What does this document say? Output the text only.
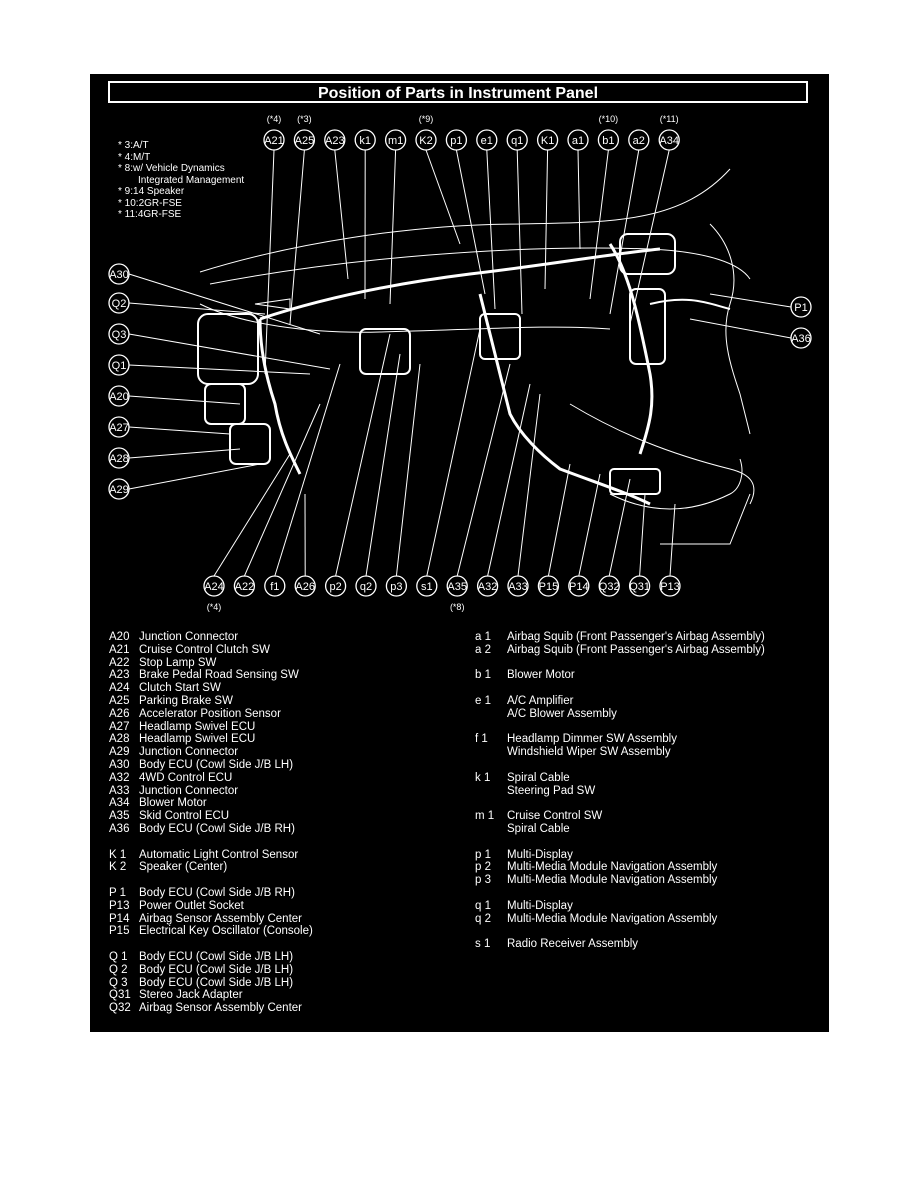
Position of Parts in Instrument Panel
* 3:A/T
* 4:M/T
* 8:w/ Vehicle Dynamics
Integrated Management
* 9:14 Speaker
* 10:2GR-FSE
* 11:4GR-FSE
A21
(*4)
A25
(*3)
A23 k1 m1 K2
(*9)
p1 e1 q1 K1 a1 b1
(*10)
a2 A34
(*11)
A30
Q2
Q3
Q1
A20
A27
A28
A29
P1
A36
A24
(*4)
A22 f1 A26 p2 q2 p3 s1 A35
(*8)
A32 A33 P15 P14 Q32 Q31 P13
A20 Junction Connector
A21 Cruise Control Clutch SW
A22 Stop Lamp SW
A23 Brake Pedal Road Sensing SW
A24 Clutch Start SW
A25 Parking Brake SW
A26 Accelerator Position Sensor
A27 Headlamp Swivel ECU
A28 Headlamp Swivel ECU
A29 Junction Connector
A30 Body ECU (Cowl Side J/B LH)
A32 4WD Control ECU
A33 Junction Connector
A34 Blower Motor
A35 Skid Control ECU
A36 Body ECU (Cowl Side J/B RH)
K 1	Automatic Light Control Sensor
K 2	Speaker (Center)
P 1	Body ECU (Cowl Side J/B RH)
P13 Power Outlet Socket
P14 Airbag Sensor Assembly Center
P15 Electrical Key Oscillator (Console)
Q 1 Body ECU (Cowl Side J/B LH)
Q 2 Body ECU (Cowl Side J/B LH)
Q 3 Body ECU (Cowl Side J/B LH)
Q31 Stereo Jack Adapter
Q32 Airbag Sensor Assembly Center
a 1	Airbag Squib (Front Passenger's Airbag Assembly)
a 2	Airbag Squib (Front Passenger's Airbag Assembly)
b 1	Blower Motor
e 1	A/C Amplifier
A/C Blower Assembly
f 1	Headlamp Dimmer SW Assembly
Windshield Wiper SW Assembly
k 1	Spiral Cable
Steering Pad SW
m 1	Cruise Control SW
Spiral Cable
p 1	Multi-Display
p 2	Multi-Media Module Navigation Assembly
p 3	Multi-Media Module Navigation Assembly
q 1	Multi-Display
q 2	Multi-Media Module Navigation Assembly
s 1	Radio Receiver Assembly
